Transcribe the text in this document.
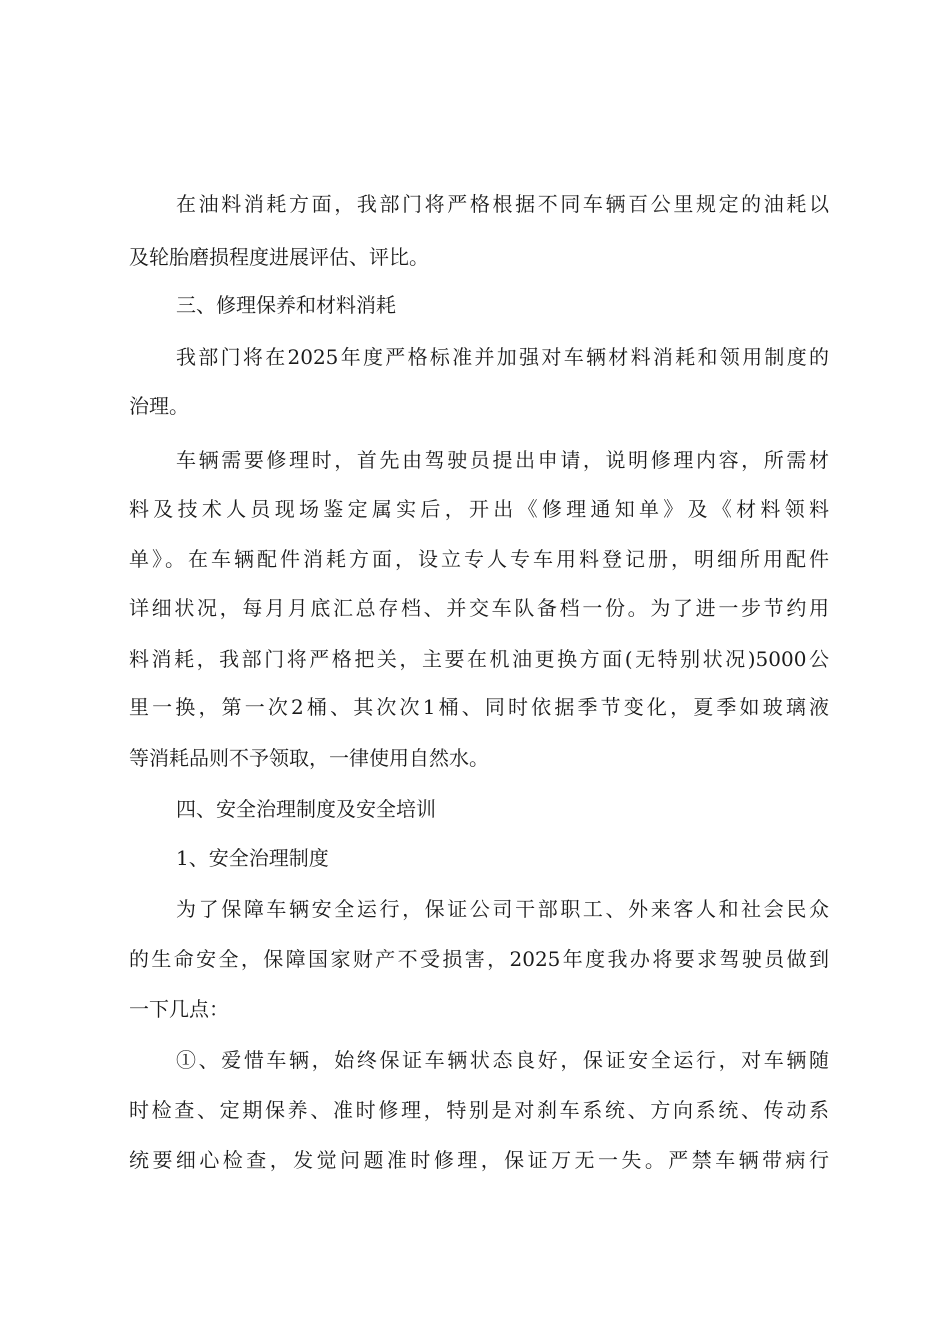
在油料消耗方面，我部门将严格根据不同车辆百公里规定的油耗以
及轮胎磨损程度进展评估、评比。
三、修理保养和材料消耗
我部门将在2025年度严格标准并加强对车辆材料消耗和领用制度的
治理。
车辆需要修理时，首先由驾驶员提出申请，说明修理内容，所需材
料及技术人员现场鉴定属实后，开出《修理通知单》及《材料领料
单》。在车辆配件消耗方面，设立专人专车用料登记册，明细所用配件
详细状况，每月月底汇总存档、并交车队备档一份。为了进一步节约用
料消耗，我部门将严格把关，主要在机油更换方面(无特别状况)5000公
里一换，第一次2桶、其次次1桶、同时依据季节变化，夏季如玻璃液
等消耗品则不予领取，一律使用自然水。
四、安全治理制度及安全培训
1、安全治理制度
为了保障车辆安全运行，保证公司干部职工、外来客人和社会民众
的生命安全，保障国家财产不受损害，2025年度我办将要求驾驶员做到
一下几点：
①、爱惜车辆，始终保证车辆状态良好，保证安全运行，对车辆随
时检查、定期保养、准时修理，特别是对刹车系统、方向系统、传动系
统要细心检查，发觉问题准时修理，保证万无一失。严禁车辆带病行
